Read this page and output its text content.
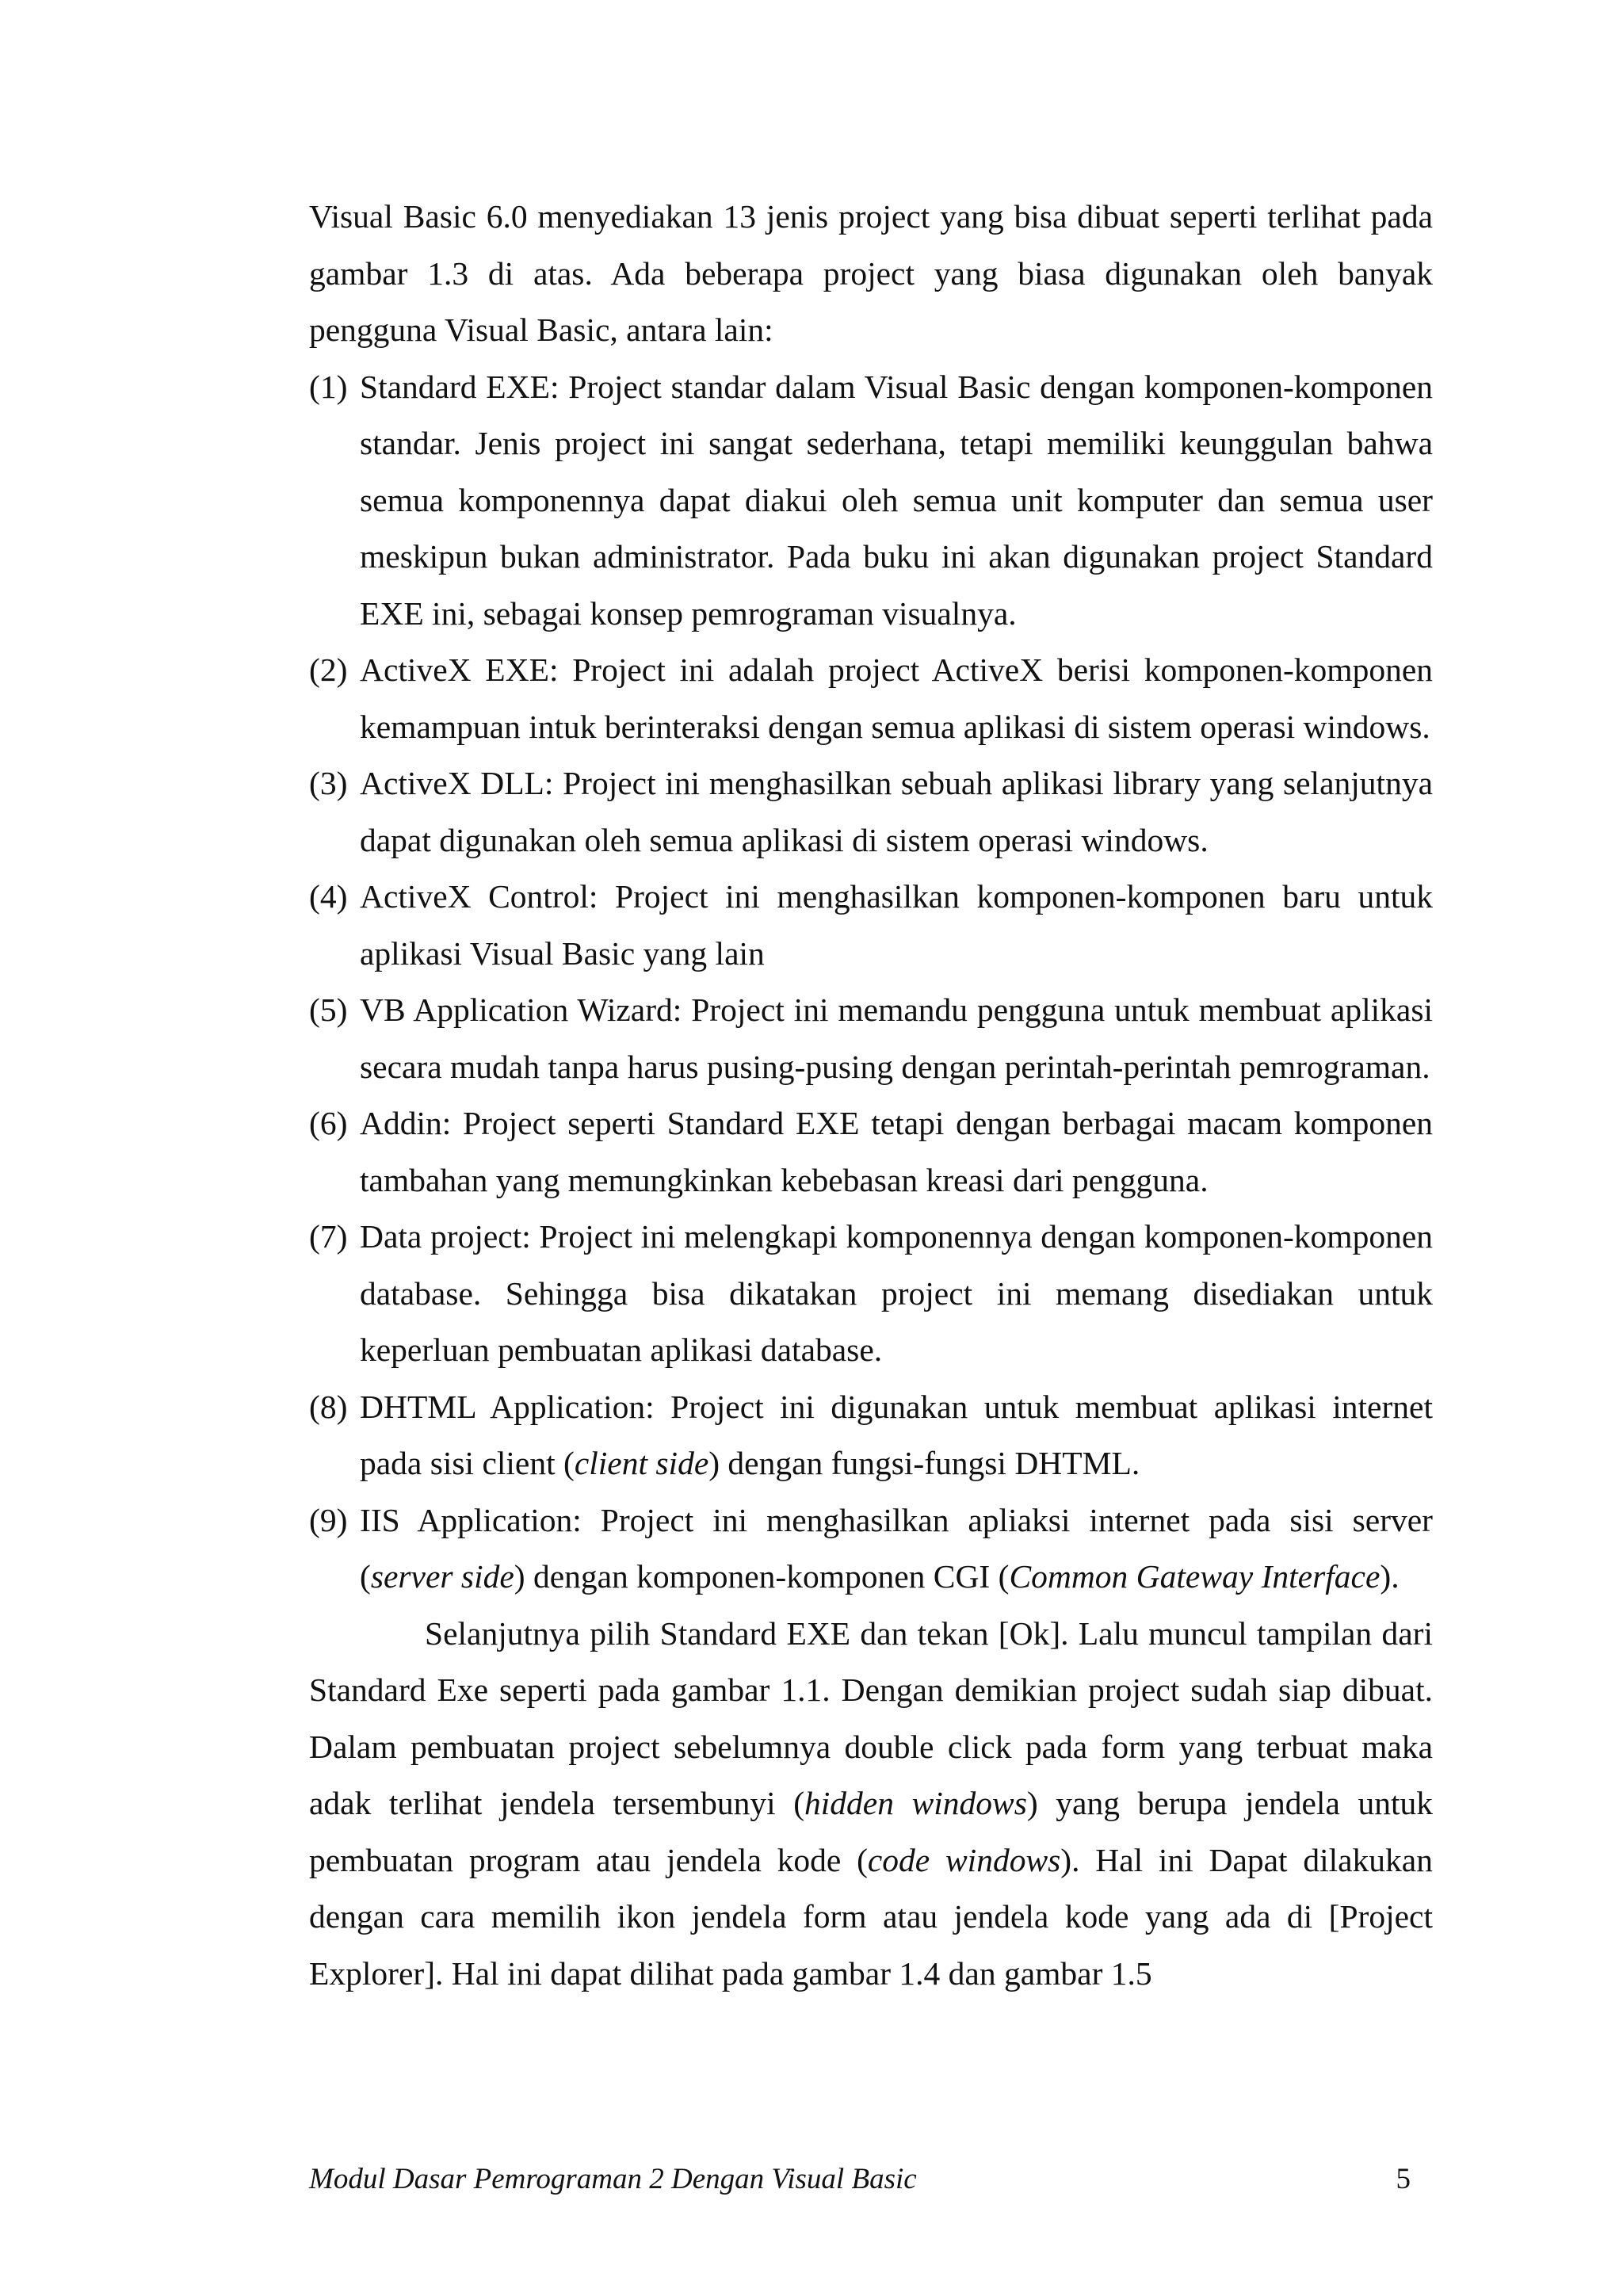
Visual Basic 6.0 menyediakan 13 jenis project yang bisa dibuat seperti terlihat pada gambar 1.3 di atas. Ada beberapa project yang biasa digunakan oleh banyak pengguna Visual Basic, antara lain:

(1) Standard EXE: Project standar dalam Visual Basic dengan komponen-komponen standar. Jenis project ini sangat sederhana, tetapi memiliki keunggulan bahwa semua komponennya dapat diakui oleh semua unit komputer dan semua user meskipun bukan administrator. Pada buku ini akan digunakan project Standard EXE ini, sebagai konsep pemrograman visualnya.
(2) ActiveX EXE: Project ini adalah project ActiveX berisi komponen-komponen kemampuan intuk berinteraksi dengan semua aplikasi di sistem operasi windows.
(3) ActiveX DLL: Project ini menghasilkan sebuah aplikasi library yang selanjutnya dapat digunakan oleh semua aplikasi di sistem operasi windows.
(4) ActiveX Control: Project ini menghasilkan komponen-komponen baru untuk aplikasi Visual Basic yang lain
(5) VB Application Wizard: Project ini memandu pengguna untuk membuat aplikasi secara mudah tanpa harus pusing-pusing dengan perintah-perintah pemrograman.
(6) Addin: Project seperti Standard EXE tetapi dengan berbagai macam komponen tambahan yang memungkinkan kebebasan kreasi dari pengguna.
(7) Data project: Project ini melengkapi komponennya dengan komponen-komponen database. Sehingga bisa dikatakan project ini memang disediakan untuk keperluan pembuatan aplikasi database.
(8) DHTML Application: Project ini digunakan untuk membuat aplikasi internet pada sisi client (client side) dengan fungsi-fungsi DHTML.
(9) IIS Application: Project ini menghasilkan apliaksi internet pada sisi server (server side) dengan komponen-komponen CGI (Common Gateway Interface).

Selanjutnya pilih Standard EXE dan tekan [Ok]. Lalu muncul tampilan dari Standard Exe seperti pada gambar 1.1. Dengan demikian project sudah siap dibuat. Dalam pembuatan project sebelumnya double click pada form yang terbuat maka adak terlihat jendela tersembunyi (hidden windows) yang berupa jendela untuk pembuatan program atau jendela kode (code windows). Hal ini Dapat dilakukan dengan cara memilih ikon jendela form atau jendela kode yang ada di [Project Explorer]. Hal ini dapat dilihat pada gambar 1.4 dan gambar 1.5

Modul Dasar Pemrograman 2 Dengan Visual Basic	5
